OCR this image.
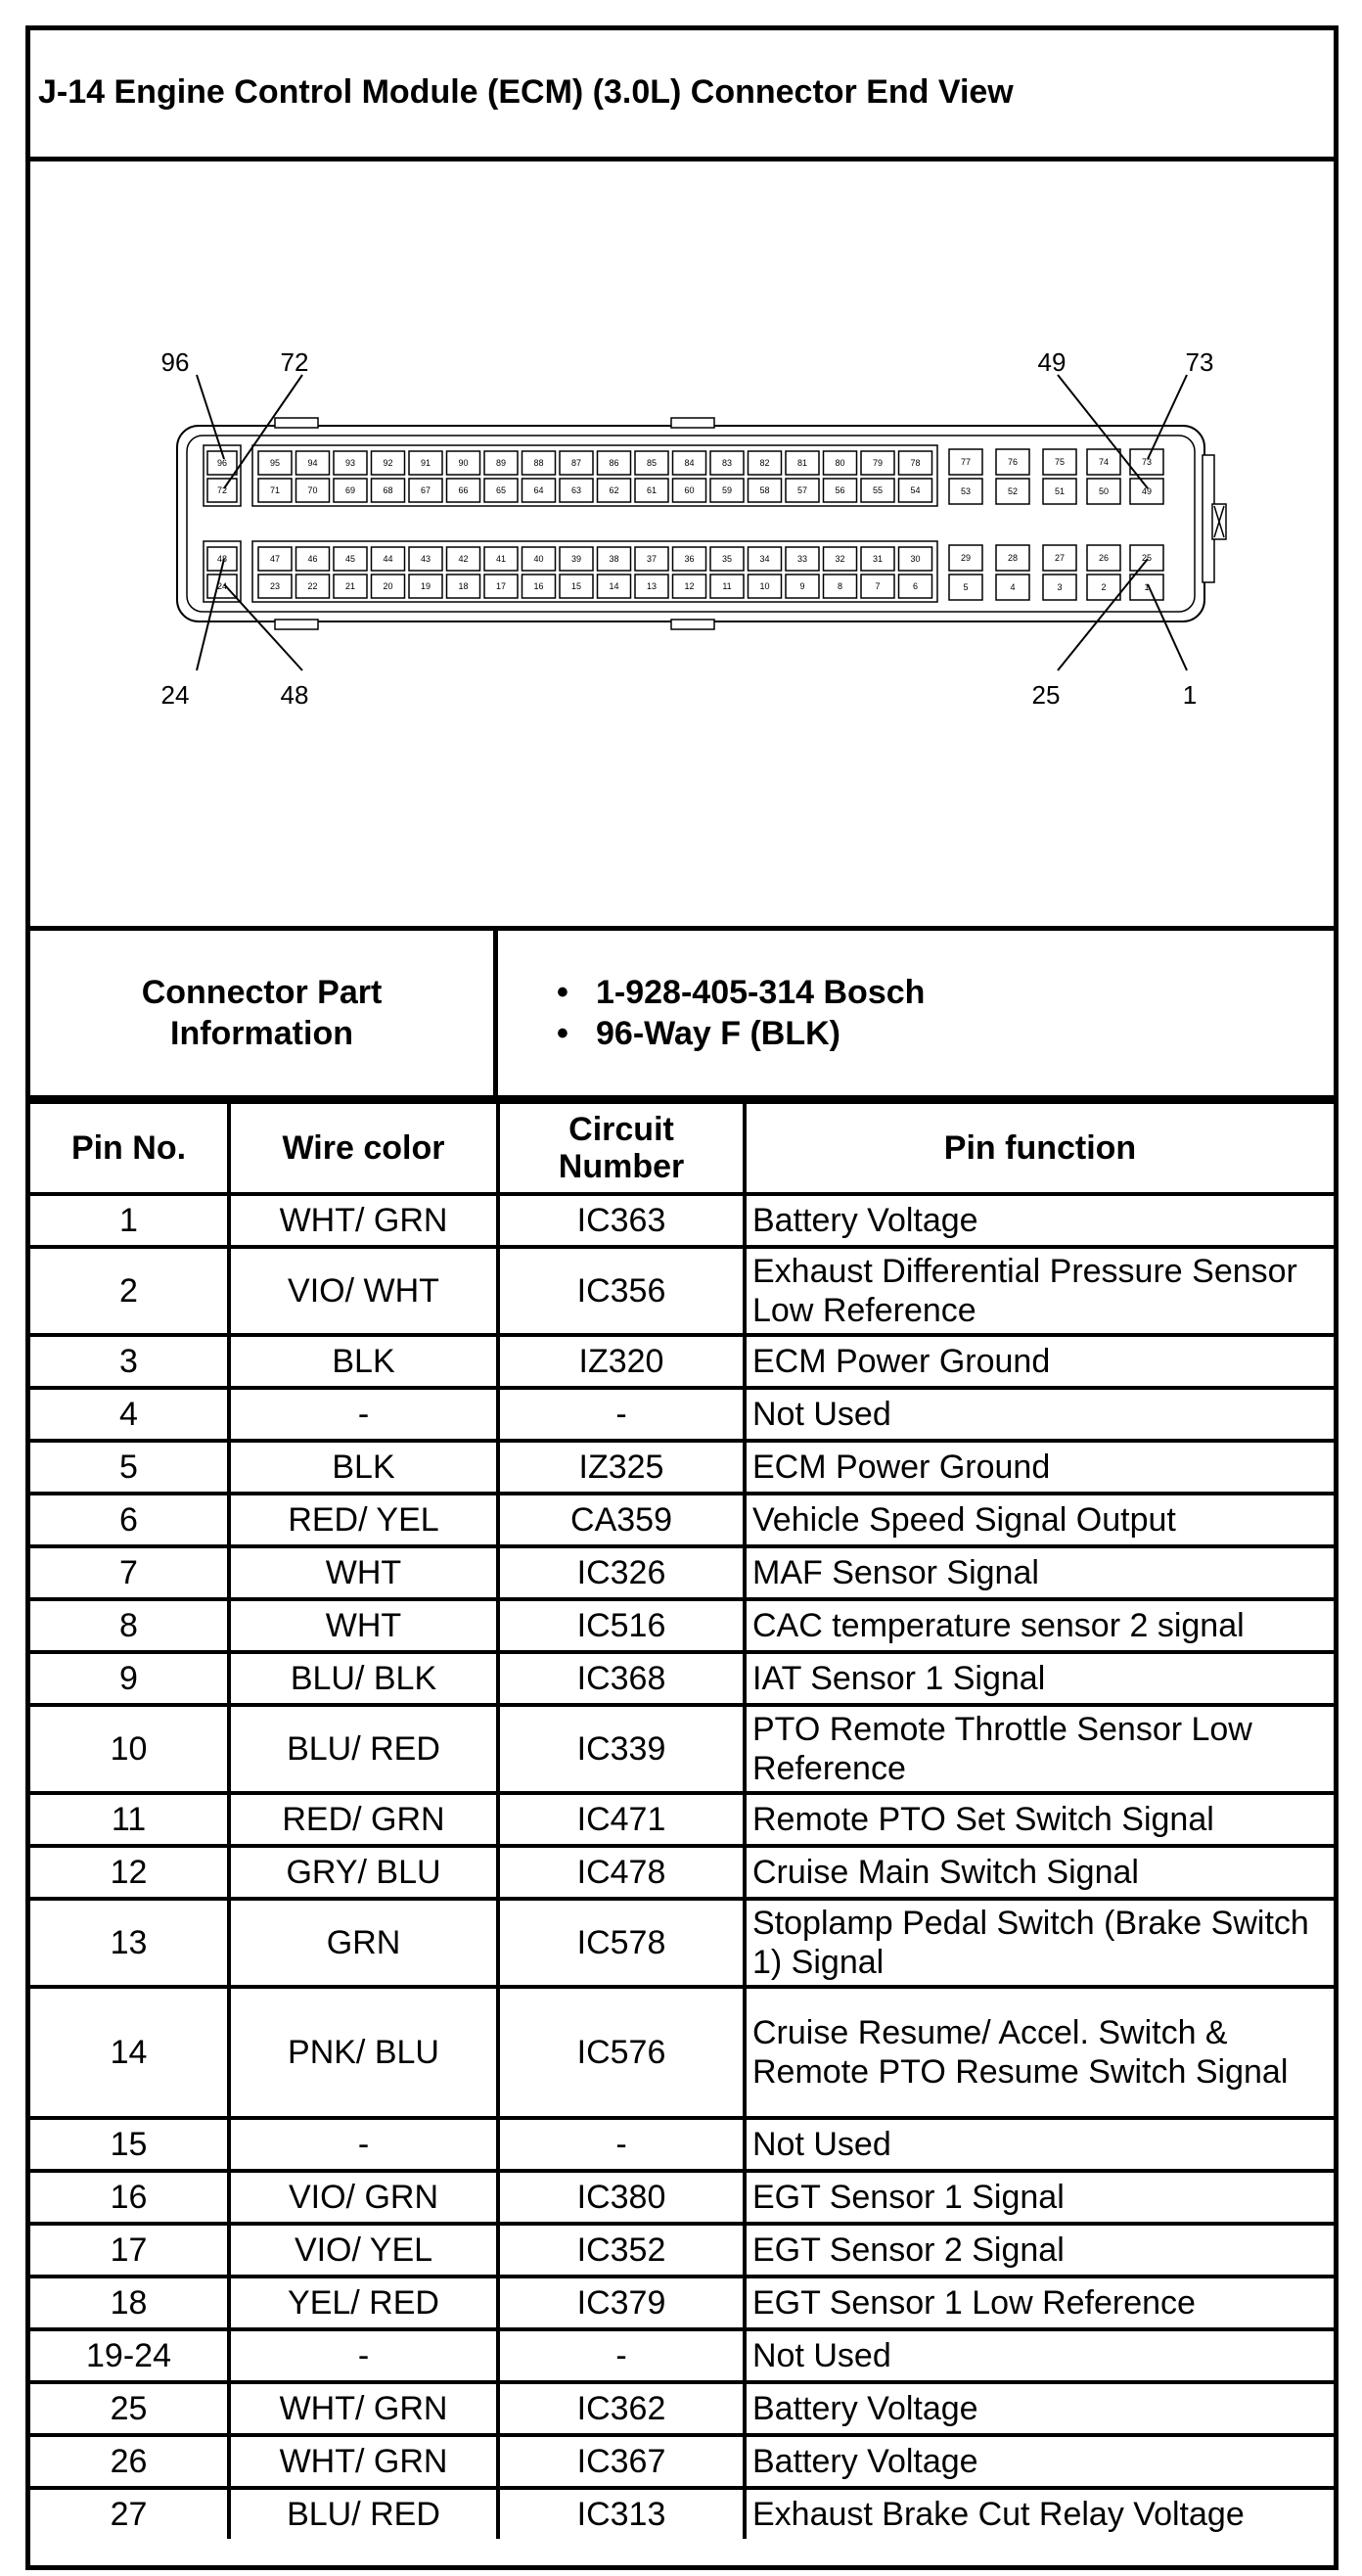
J-14 Engine Control Module (ECM) (3.0L) Connector End View
96
72
95	94	93	92	91	90	89	88	87	86	85	84	83	82	81	80	79	78
71	70	69	68	67	66	65	64	63	62	61	60	59	58	57	56	55	54
77	76	75
53	52	51
74	73
50	49
48
24
47	46	45	44	43	42	41	40	39	38	37	36	35	34	33	32	31	30
23	22	21	20	19	18	17	16	15	14	13	12	11	10	9	8	7	6
29	28	27
5	4	3
26	25
2	1
96	72	49	73
24	48	25	1
Connector Part Information
• 1-928-405-314 Bosch
• 96-Way F (BLK)
Pin No.	Wire color	Circuit Number	Pin function
1	WHT/ GRN	IC363	Battery Voltage
2	VIO/ WHT	IC356	Exhaust Differential Pressure Sensor Low Reference
3	BLK	IZ320	ECM Power Ground
4	-	-	Not Used
5	BLK	IZ325	ECM Power Ground
6	RED/ YEL	CA359	Vehicle Speed Signal Output
7	WHT	IC326	MAF Sensor Signal
8	WHT	IC516	CAC temperature sensor 2 signal
9	BLU/ BLK	IC368	IAT Sensor 1 Signal
10	BLU/ RED	IC339	PTO Remote Throttle Sensor Low Reference
11	RED/ GRN	IC471	Remote PTO Set Switch Signal
12	GRY/ BLU	IC478	Cruise Main Switch Signal
13	GRN	IC578	Stoplamp Pedal Switch (Brake Switch 1) Signal
14	PNK/ BLU	IC576	Cruise Resume/ Accel. Switch & Remote PTO Resume Switch Signal
15	-	-	Not Used
16	VIO/ GRN	IC380	EGT Sensor 1 Signal
17	VIO/ YEL	IC352	EGT Sensor 2 Signal
18	YEL/ RED	IC379	EGT Sensor 1 Low Reference
19-24	-	-	Not Used
25	WHT/ GRN	IC362	Battery Voltage
26	WHT/ GRN	IC367	Battery Voltage
27	BLU/ RED	IC313	Exhaust Brake Cut Relay Voltage
